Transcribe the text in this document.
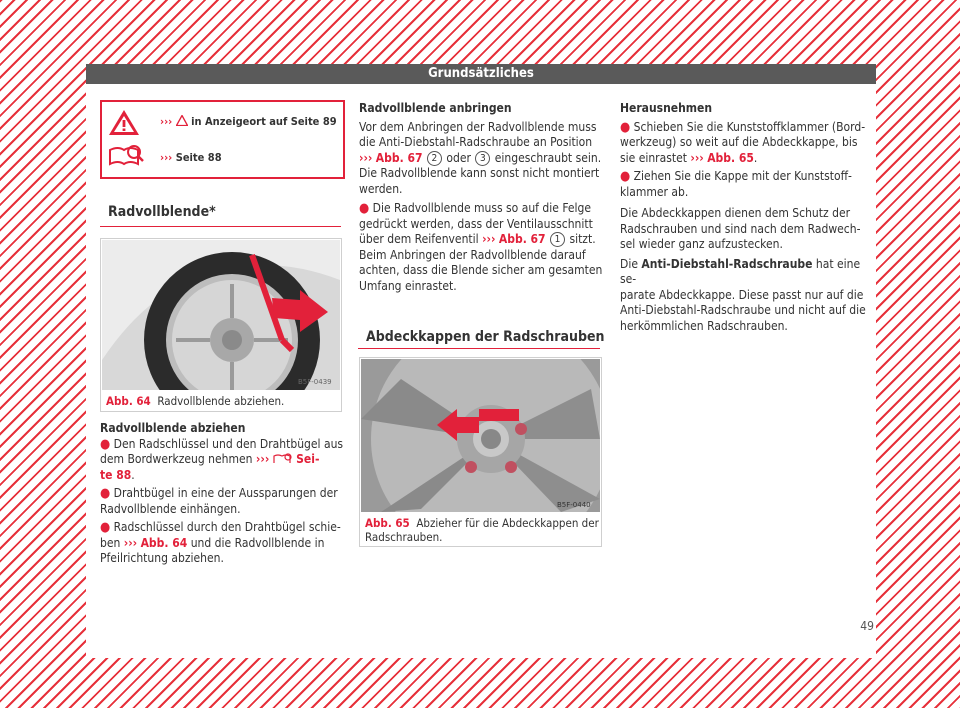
Grundsätzliches
››› in Anzeigeort auf Seite 89
››› Seite 88
Radvollblende*
B5F-0439
Abb. 64 Radvollblende abziehen.
Radvollblende abziehen
● Den Radschlüssel und den Drahtbügel aus
dem Bordwerkzeug nehmen ››› Sei-
te 88.
● Drahtbügel in eine der Aussparungen der
Radvollblende einhängen.
● Radschlüssel durch den Drahtbügel schie-
ben ››› Abb. 64 und die Radvollblende in
Pfeilrichtung abziehen.
Radvollblende anbringen
Vor dem Anbringen der Radvollblende muss
die Anti-Diebstahl-Radschraube an Position
››› Abb. 67 2 oder 3 eingeschraubt sein.
Die Radvollblende kann sonst nicht montiert
werden.
● Die Radvollblende muss so auf die Felge
gedrückt werden, dass der Ventilausschnitt
über dem Reifenventil ››› Abb. 67 1 sitzt.
Beim Anbringen der Radvollblende darauf
achten, dass die Blende sicher am gesamten
Umfang einrastet.
Abdeckkappen der Radschrauben
B5F-0440
Abb. 65 Abzieher für die Abdeckkappen der
Radschrauben.
Herausnehmen
● Schieben Sie die Kunststoffklammer (Bord-
werkzeug) so weit auf die Abdeckkappe, bis
sie einrastet ››› Abb. 65.
● Ziehen Sie die Kappe mit der Kunststoff-
klammer ab.
Die Abdeckkappen dienen dem Schutz der
Radschrauben und sind nach dem Radwech-
sel wieder ganz aufzustecken.
Die Anti-Diebstahl-Radschraube hat eine se-
parate Abdeckkappe. Diese passt nur auf die
Anti-Diebstahl-Radschraube und nicht auf die
herkömmlichen Radschrauben.
49
